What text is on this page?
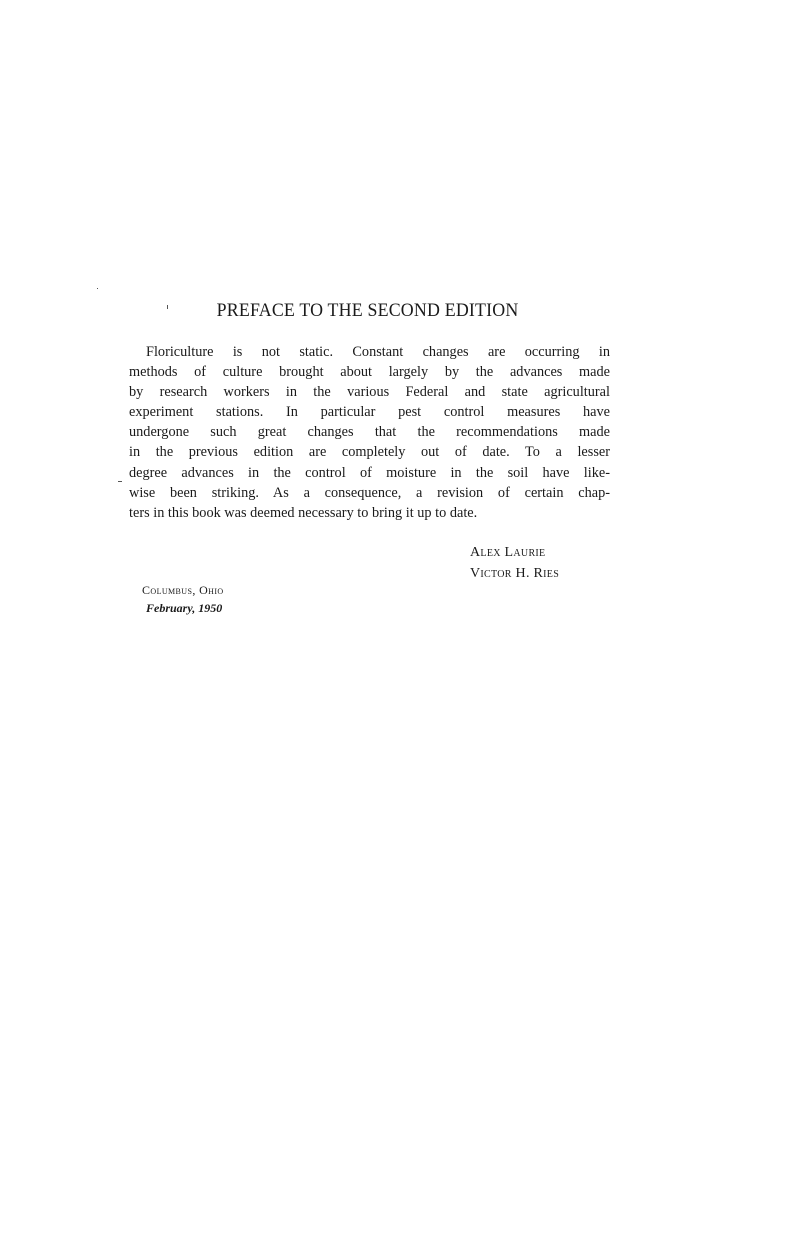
PREFACE TO THE SECOND EDITION
Floriculture is not static. Constant changes are occurring in
methods of culture brought about largely by the advances made
by research workers in the various Federal and state agricultural
experiment stations. In particular pest control measures have
undergone such great changes that the recommendations made
in the previous edition are completely out of date. To a lesser
degree advances in the control of moisture in the soil have like-
wise been striking. As a consequence, a revision of certain chap-
ters in this book was deemed necessary to bring it up to date.
Alex Laurie
Victor H. Ries
Columbus, Ohio
February, 1950
